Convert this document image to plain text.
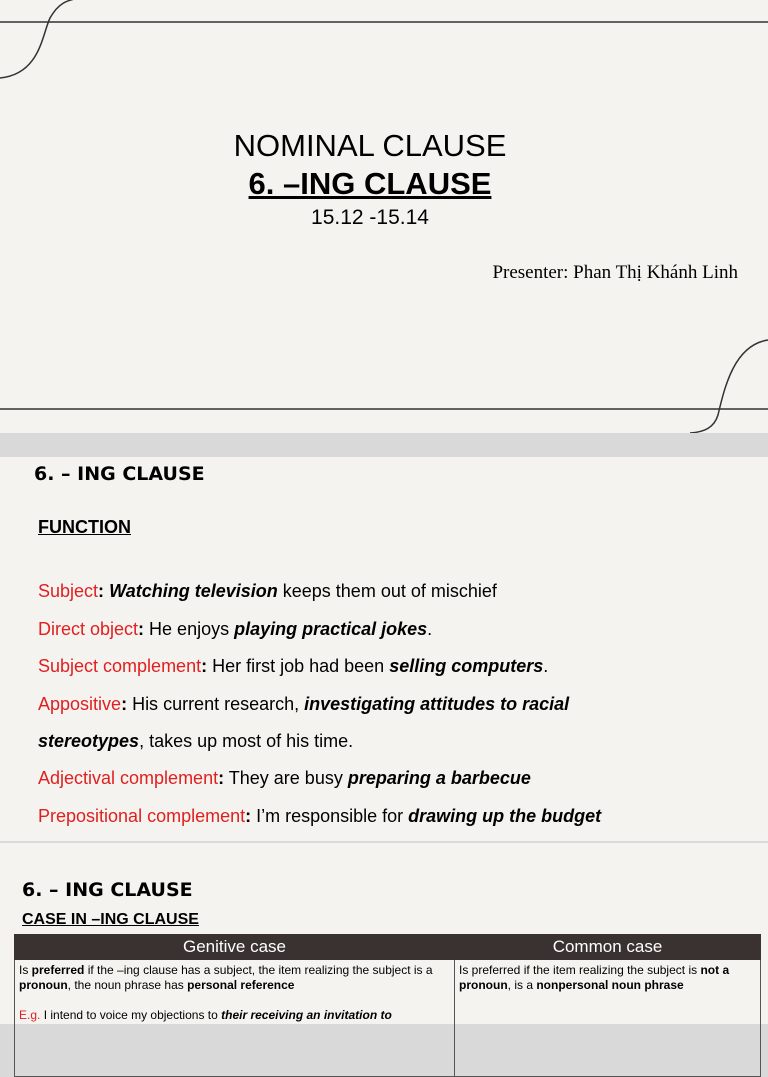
NOMINAL CLAUSE
6. –ING CLAUSE
15.12 -15.14
Presenter: Phan Thị Khánh Linh
6. – ING CLAUSE
FUNCTION
Subject: Watching television keeps them out of mischief
Direct object: He enjoys playing practical jokes.
Subject complement: Her first job had been selling computers.
Appositive: His current research, investigating attitudes to racial
stereotypes, takes up most of his time.
Adjectival complement: They are busy preparing a barbecue
Prepositional complement: I’m responsible for drawing up the budget
6. – ING CLAUSE
CASE IN –ING CLAUSE
Genitive case	Common case
Is preferred if the –ing clause has a subject, the item realizing the subject is a pronoun, the noun phrase has personal reference

E.g. I intend to voice my objections to their receiving an invitation to	Is preferred if the item realizing the subject is not a pronoun, is a nonpersonal noun phrase
